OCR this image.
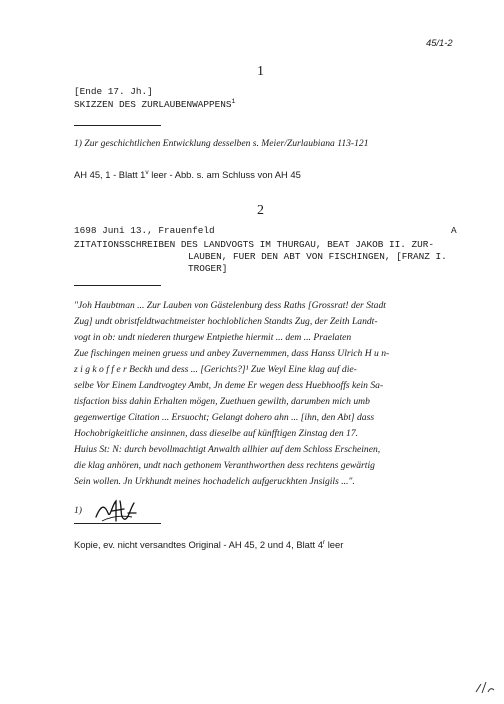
45/1-2
1
[Ende 17. Jh.]
SKIZZEN DES ZURLAUBENWAPPENS$^1$
1) Zur geschichtlichen Entwicklung desselben s. Meier/Zurlaubiana 113-121
AH 45, 1 - Blatt 1$^v$ leer - Abb. s. am Schluss von AH 45
2
1698 Juni 13., Frauenfeld	A
ZITATIONSSCHREIBEN DES LANDVOGTS IM THURGAU, BEAT JAKOB II. ZUR-
LAUBEN, FUER DEN ABT VON FISCHINGEN, [FRANZ I.
TROGER]
"Joh Haubtman ... Zur Lauben von Gästelenburg dess Raths [Grossrat! der Stadt
Zug] undt obristfeldtwachtmeister hochloblichen Standts Zug, der Zeith Landt-
vogt in ob: undt niederen thurgew Entpiethe hiermit ... dem ... Praelaten
Zue fischingen meinen gruess und anbey Zuvernemmen, dass Hanss Ulrich H u n-
z i g k o f f e r Beckh und dess ... [Gerichts?]¹ Zue Weyl Eine klag auf die-
selbe Vor Einem Landtvogtey Ambt, Jn deme Er wegen dess Huebhooffs kein Sa-
tisfaction biss dahin Erhalten mögen, Zuethuen gewilth, darumben mich umb
gegenwertige Citation ... Ersuocht; Gelangt dohero ahn ... [ihn, den Abt] dass
Hochobrigkeitliche ansinnen, dass dieselbe auf künfftigen Zinstag den 17.
Huius St: N: durch bevollmachtigt Anwalth allhier auf dem Schloss Erscheinen,
die klag anhören, undt nach gethonem Veranthworthen dess rechtens gewärtig
Sein wollen. Jn Urkhundt meines hochadelich aufgeruckhten Jnsigils ...".
1)
Kopie, ev. nicht versandtes Original - AH 45, 2 und 4, Blatt 4$^r$ leer
